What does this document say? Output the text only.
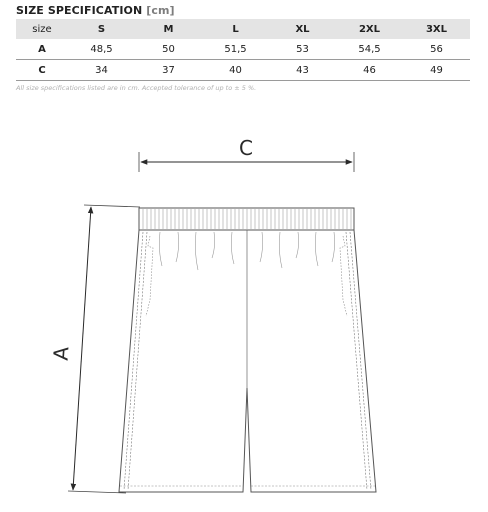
SIZE SPECIFICATION [cm]
size	S	M	L	XL	2XL	3XL
A	48,5	50	51,5	53	54,5	56
C	34	37	40	43	46	49
All size specifications listed are in cm. Accepted tolerance of up to ± 5 %.
C
A
